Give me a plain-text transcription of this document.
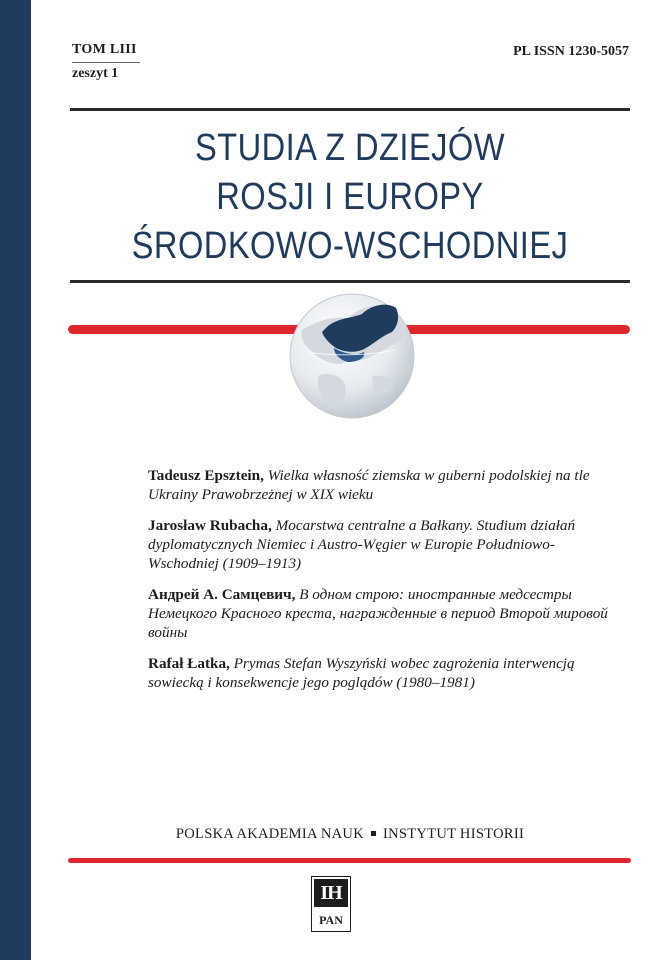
TOM LIII
zeszyt 1
PL ISSN 1230-5057
STUDIA Z DZIEJÓW
ROSJI I EUROPY
ŚRODKOWO-WSCHODNIEJ
Tadeusz Epsztein, Wielka własność ziemska w guberni podolskiej na tle Ukrainy Prawobrzeżnej w XIX wieku
Jarosław Rubacha, Mocarstwa centralne a Bałkany. Studium działań dyplomatycznych Niemiec i Austro-Węgier w Europie Południowo-Wschodniej (1909–1913)
Андрей А. Самцевич, В одном строю: иностранные медсестры Немецкого Красного креста, награжденные в период Второй мировой войны
Rafał Łatka, Prymas Stefan Wyszyński wobec zagrożenia interwencją sowiecką i konsekwencje jego poglądów (1980–1981)
POLSKA AKADEMIA NAUK INSTYTUT HISTORII
IH
PAN
